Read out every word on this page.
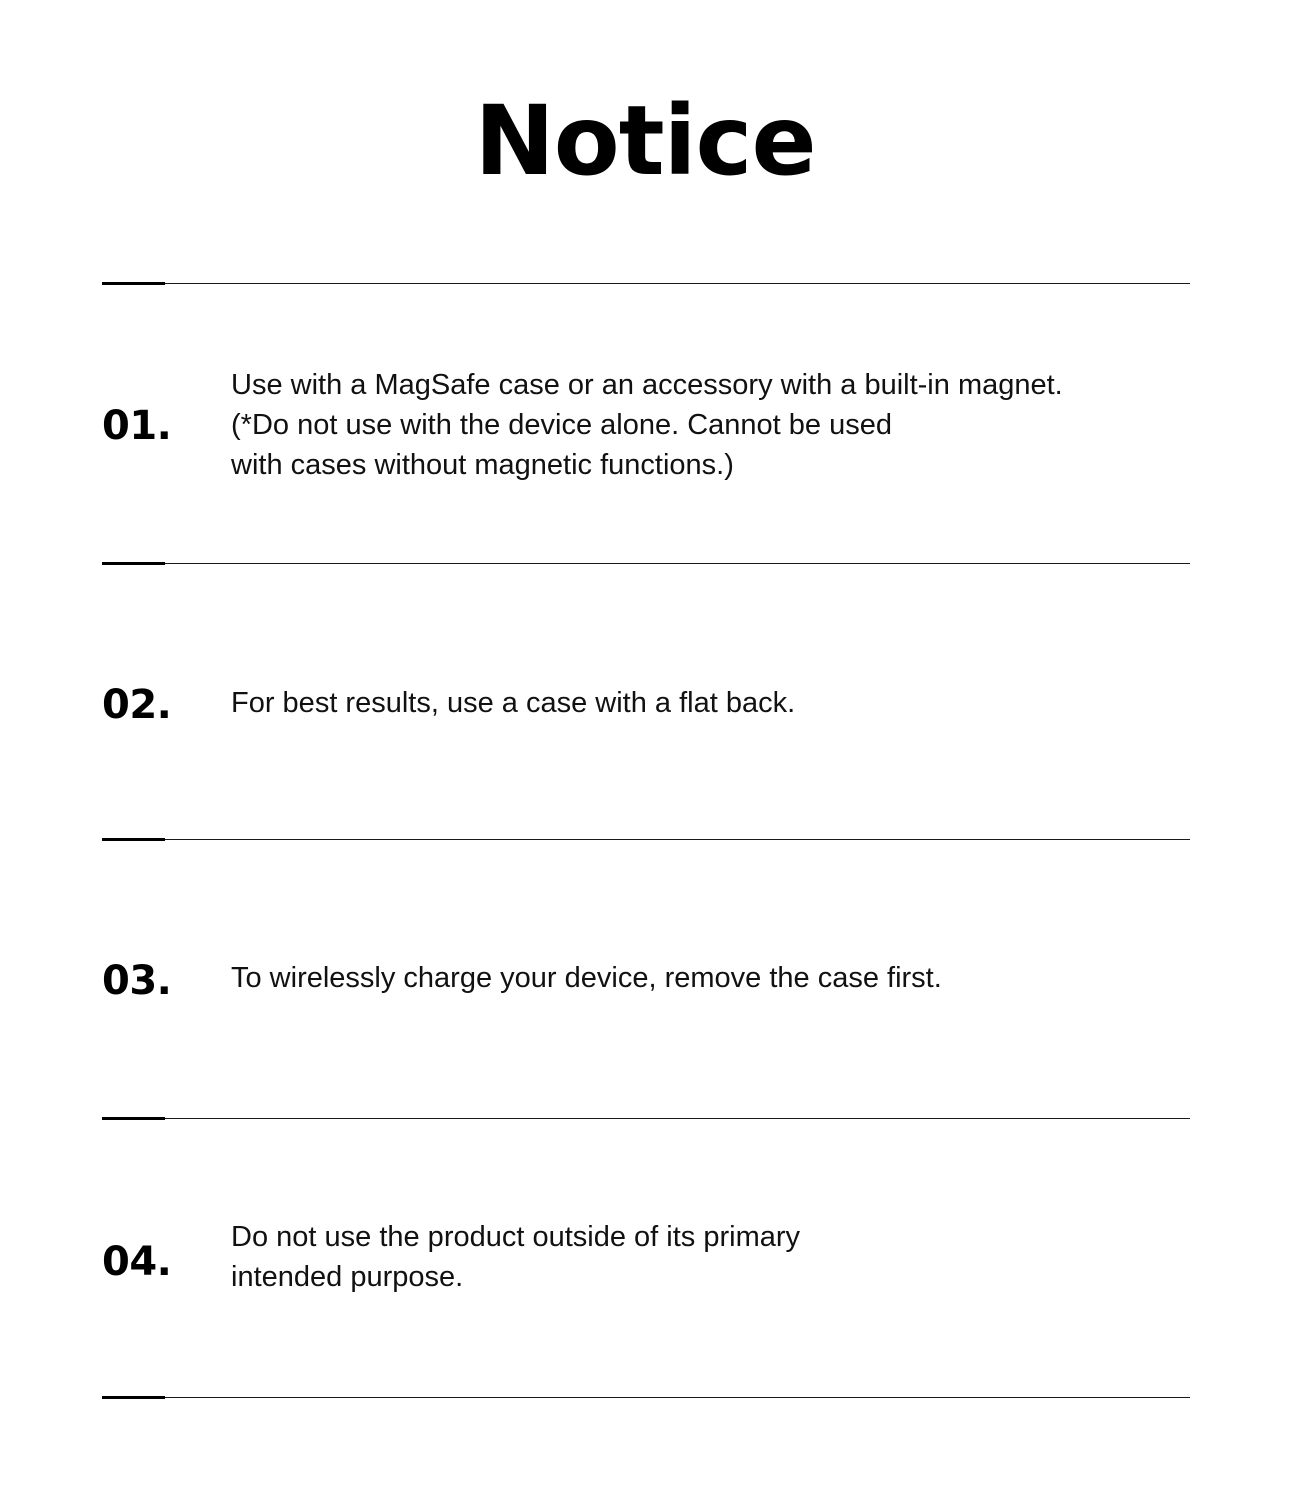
Notice
01.
Use with a MagSafe case or an accessory with a built-in magnet.
(*Do not use with the device alone. Cannot be used
with cases without magnetic functions.)
02. For best results, use a case with a flat back.
03. To wirelessly charge your device, remove the case first.
04.
Do not use the product outside of its primary
intended purpose.
